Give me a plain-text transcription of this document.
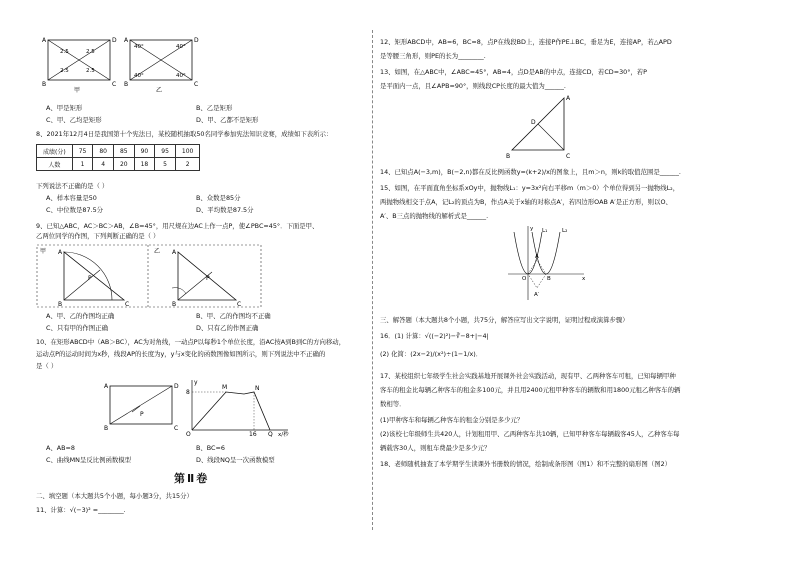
A	D
B	C
2.5	2.5
2.5	2.5
甲
A	D
B	C
40°	40°
40°	40°
乙
A、甲是矩形	B、乙是矩形
C、甲、乙均是矩形	D、甲、乙都不是矩形
8、2021年12月4日是我国第十个宪法日，某校随机抽取50名同学参加宪法知识竞赛，成绩如下表所示：
成绩(分)	75	80	85	90	95	100
人数	1	4	20	18	5	2
下列说法不正确的是（ ）
A、样本容量是50	B、众数是85分
C、中位数是87.5分	D、平均数是87.5分
9、已知△ABC，AC＞BC＞AB，∠B=45°，用尺规在边AC上作一点P，使∠PBC=45°．下面是甲、
乙两位同学的作图，下列判断正确的是（ ）
甲 A
B	C
P
乙 A
B	C
P
A、甲、乙的作图均正确	B、甲、乙的作图均不正确
C、只有甲的作图正确	D、只有乙的作图正确
10、在矩形ABCD中（AB＞BC），AC为对角线，一动点P以每秒1个单位长度，沿AC按A到B到C的方向移动，
运动点P的运动时间为x秒，线段AP的长度为y，y与x变化的函数图像如图所示，则下列说法中不正确的
是（ ）
A	D
B	C
P
y
O	x/秒
M	N
Q
8
16
A、AB=8	B、BC=6
C、曲线MN呈反比例函数模型	D、线段NQ呈一次函数模型
第Ⅱ卷
二、填空题（本大题共5个小题，每小题3分，共15分）
11、计算：√(−3)² =________.
12、矩形ABCD中，AB=6，BC=8，点P在线段BD上，连接P作PE⊥BC，垂足为E，连接AP，若△APD
是等腰三角形，则PE的长为________.
13、如图，在△ABC中，∠ABC=45°，AB=4，点D是AB的中点，连接CD，若CD=30°，若P
是平面内一点，且∠APB=90°，则线段CP长度的最大值为______.
A
D
B	C
14、已知点A(−3,m)，B(−2,n)都在反比例函数y=(k+2)/x的图象上，且m＞n，则k的取值范围是______.
15、如图，在平面直角坐标系xOy中，抛物线L₁：y=3x²向右平移m（m＞0）个单位得到另一抛物线L₂，
两抛物线相交于点A，记L₂的顶点为B，作点A关于x轴的对称点A′，若四边形OAB A′是正方形，则以O、
A′、B三点的抛物线的解析式是______.
L₁	L₂
O
A
B
A′
x
y
三、解答题（本大题共8个小题，共75分，解答应写出文字说明，证明过程或演算步骤）
16．(1) 计算：√((−2)²)−∛−8+|−4|
(2) 化简：(2x−2)/(x²)÷(1−1/x)．
17、某校组织七年级学生社会实践基地开展课外社会实践活动，现有甲、乙两种客车可租，已知每辆甲种
客车的租金比每辆乙种客车的租金多100元，并且用2400元租甲种客车的辆数和用1800元租乙种客车的辆
数相等．
(1)甲种客车和每辆乙种客车的租金分别是多少元？
(2)该校七年级师生共420人，计划租用甲、乙两种客车共10辆，已知甲种客车每辆载客45人，乙种客车每
辆载客30人，则租车费最少是多少元？
18、老师随机抽查了本学期学生读课外书册数的情况，绘制成条形图（图1）和不完整的扇形图（图2）
